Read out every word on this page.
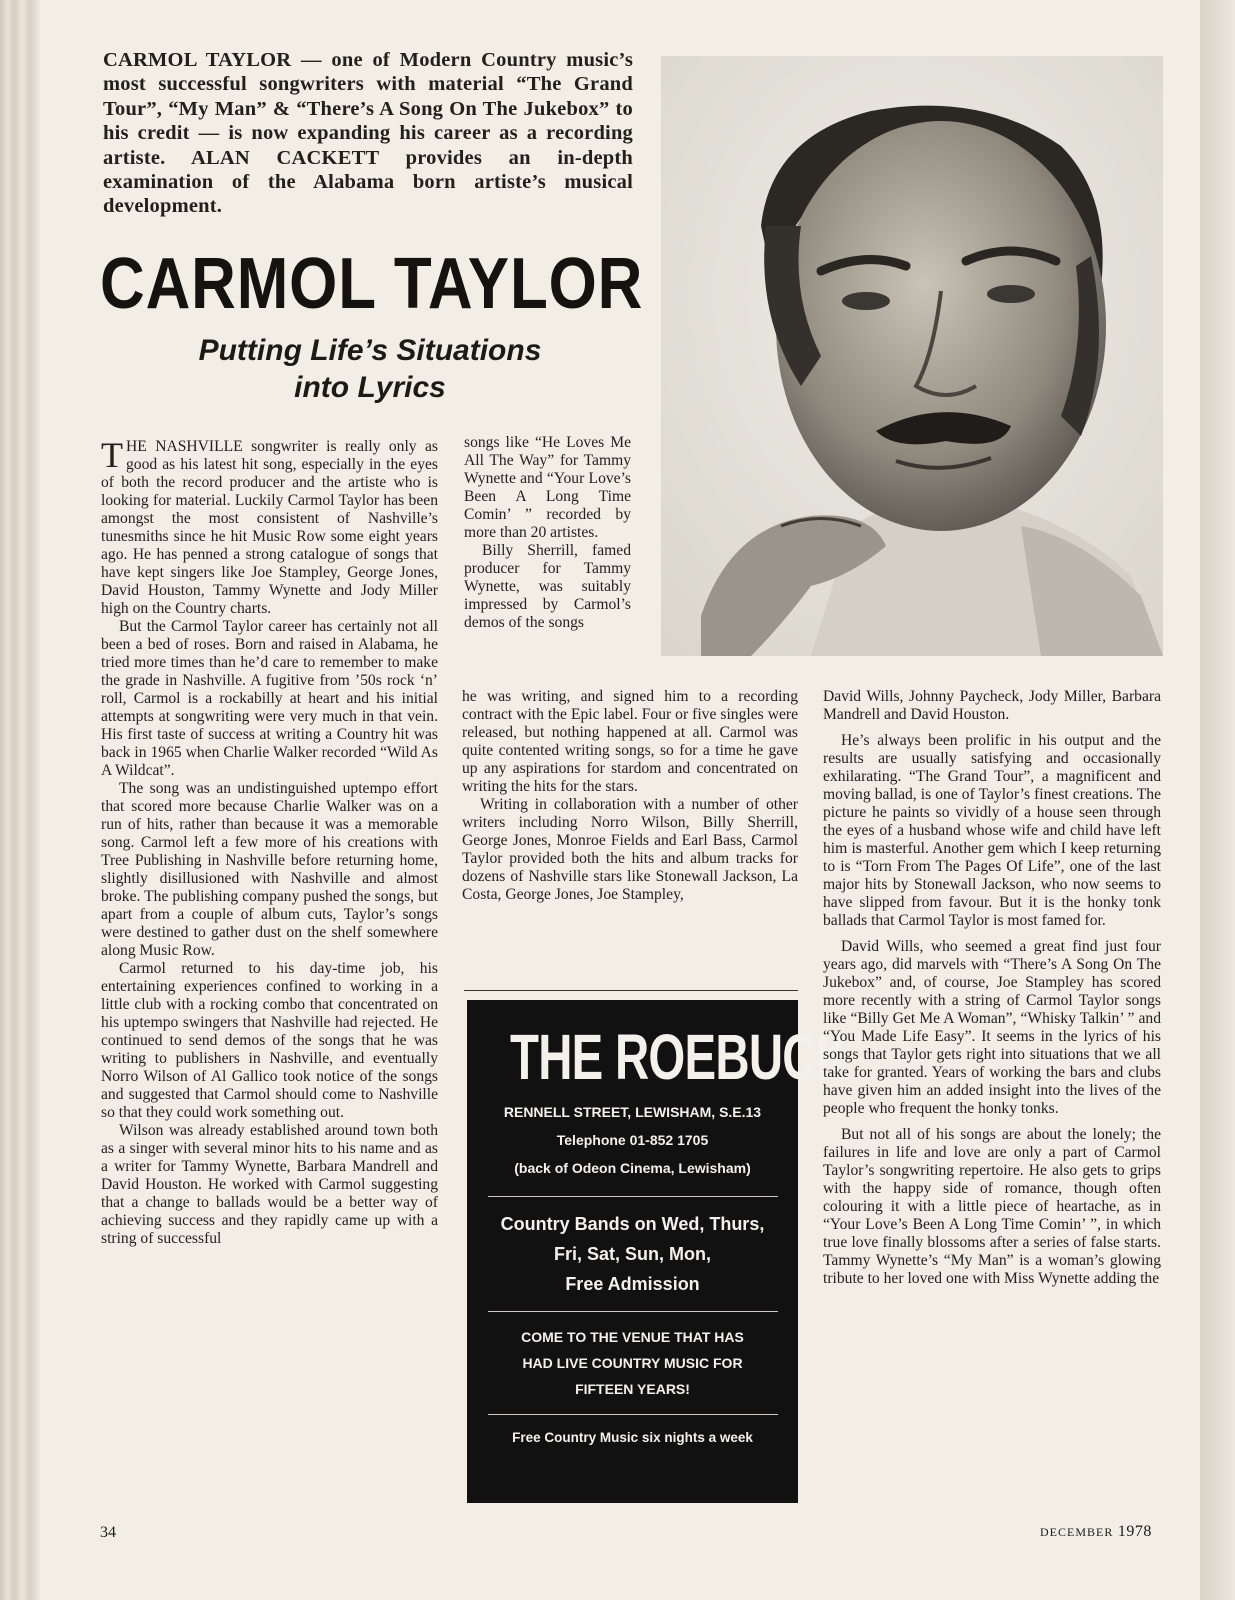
CARMOL TAYLOR — one of Modern Country music’s most successful songwriters with material “The Grand Tour”, “My Man” & “There’s A Song On The Jukebox” to his credit — is now expanding his career as a recording artiste. ALAN CACKETT provides an in-depth examination of the Alabama born artiste’s musical development.
CARMOL TAYLOR
Putting Life’s Situations
into Lyrics

THE NASHVILLE songwriter is really only as good as his latest hit song, especially in the eyes of both the record producer and the artiste who is looking for material. Luckily Carmol Taylor has been amongst the most consistent of Nashville’s tunesmiths since he hit Music Row some eight years ago. He has penned a strong catalogue of songs that have kept singers like Joe Stampley, George Jones, David Houston, Tammy Wynette and Jody Miller high on the Country charts.

But the Carmol Taylor career has certainly not all been a bed of roses. Born and raised in Alabama, he tried more times than he’d care to remember to make the grade in Nashville. A fugitive from ’50s rock ‘n’ roll, Carmol is a rockabilly at heart and his initial attempts at songwriting were very much in that vein. His first taste of success at writing a Country hit was back in 1965 when Charlie Walker recorded “Wild As A Wildcat”.

The song was an undistinguished uptempo effort that scored more because Charlie Walker was on a run of hits, rather than because it was a memorable song. Carmol left a few more of his creations with Tree Publishing in Nashville before returning home, slightly disillusioned with Nashville and almost broke. The publishing company pushed the songs, but apart from a couple of album cuts, Taylor’s songs were destined to gather dust on the shelf somewhere along Music Row.

Carmol returned to his day-time job, his entertaining experiences confined to working in a little club with a rocking combo that concentrated on his uptempo swingers that Nashville had rejected. He continued to send demos of the songs that he was writing to publishers in Nashville, and eventually Norro Wilson of Al Gallico took notice of the songs and suggested that Carmol should come to Nashville so that they could work something out.

Wilson was already established around town both as a singer with several minor hits to his name and as a writer for Tammy Wynette, Barbara Mandrell and David Houston. He worked with Carmol suggesting that a change to ballads would be a better way of achieving success and they rapidly came up with a string of successful

songs like “He Loves Me All The Way” for Tammy Wynette and “Your Love’s Been A Long Time Comin’ ” recorded by more than 20 artistes.

Billy Sherrill, famed producer for Tammy Wynette, was suitably impressed by Carmol’s demos of the songs

he was writing, and signed him to a recording contract with the Epic label. Four or five singles were released, but nothing happened at all. Carmol was quite contented writing songs, so for a time he gave up any aspirations for stardom and concentrated on writing the hits for the stars.

Writing in collaboration with a number of other writers including Norro Wilson, Billy Sherrill, George Jones, Monroe Fields and Earl Bass, Carmol Taylor provided both the hits and album tracks for dozens of Nashville stars like Stonewall Jackson, La Costa, George Jones, Joe Stampley,

THE ROEBUCK
RENNELL STREET, LEWISHAM, S.E.13
Telephone 01-852 1705
(back of Odeon Cinema, Lewisham)
Country Bands on Wed, Thurs,
Fri, Sat, Sun, Mon,
Free Admission
COME TO THE VENUE THAT HAS
HAD LIVE COUNTRY MUSIC FOR
FIFTEEN YEARS!
Free Country Music six nights a week

David Wills, Johnny Paycheck, Jody Miller, Barbara Mandrell and David Houston.

He’s always been prolific in his output and the results are usually satisfying and occasionally exhilarating. “The Grand Tour”, a magnificent and moving ballad, is one of Taylor’s finest creations. The picture he paints so vividly of a house seen through the eyes of a husband whose wife and child have left him is masterful. Another gem which I keep returning to is “Torn From The Pages Of Life”, one of the last major hits by Stonewall Jackson, who now seems to have slipped from favour. But it is the honky tonk ballads that Carmol Taylor is most famed for.

David Wills, who seemed a great find just four years ago, did marvels with “There’s A Song On The Jukebox” and, of course, Joe Stampley has scored more recently with a string of Carmol Taylor songs like “Billy Get Me A Woman”, “Whisky Talkin’ ” and “You Made Life Easy”. It seems in the lyrics of his songs that Taylor gets right into situations that we all take for granted. Years of working the bars and clubs have given him an added insight into the lives of the people who frequent the honky tonks.

But not all of his songs are about the lonely; the failures in life and love are only a part of Carmol Taylor’s songwriting repertoire. He also gets to grips with the happy side of romance, though often colouring it with a little piece of heartache, as in “Your Love’s Been A Long Time Comin’ ”, in which true love finally blossoms after a series of false starts. Tammy Wynette’s “My Man” is a woman’s glowing tribute to her loved one with Miss Wynette adding the

34	DECEMBER 1978
